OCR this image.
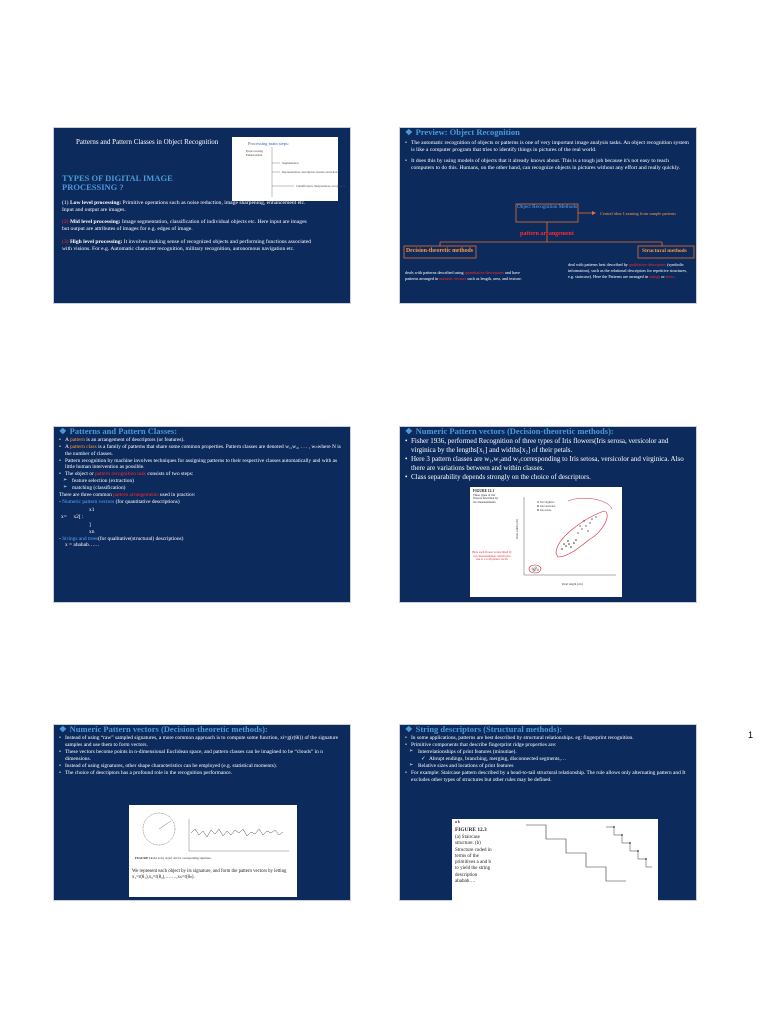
Patterns and Pattern Classes in Object Recognition	Processing main steps:
Preprocessing
Enhancement
Segmentation
Representation, description, feature extraction
Classification, interpretation, recognition
TYPES OF DIGITAL IMAGE PROCESSING ?

(1) Low level processing: Primitive operations such as noise reduction, image sharpening, enhancement etc. Input and output are images.

(2) Mid level processing: Image segmentation, classification of individual objects etc. Here input are images but output are attributes of images for e.g. edges of image.

(3) High level processing: It involves making sense of recognized objects and performing functions associated with visions. For e.g. Automatic character recognition, military recognition, autonomous navigation etc.

❖ Preview: Object Recognition

• The automatic recognition of objects or patterns is one of very important image analysis tasks. An object recognition system is like a computer program that tries to identify things in pictures of the real world.

• It does this by using models of objects that it already knows about. This is a tough job because it's not easy to teach computers to do this. Humans, on the other hand, can recognize objects in pictures without any effort and really quickly.

Object Recognition Methods
Central idea: Learning from sample patterns
pattern arrangement
Decision-theoretic methods	Structural methods
deals with patterns described using quantitative descriptors and have patterns arranged in numeric vectors such as length, area, and texture.
deal with patterns best described by qualitative descriptors (symbolic information), such as the relational descriptors for repetitive structures, e.g. staircase). Here the Patterns are arranged in strings or trees.
❖ Patterns and Pattern Classes:

• A pattern is an arrangement of descriptors (or features).

• A pattern class is a family of patterns that share some common properties. Pattern classes are denoted w₁,w₂, . . . , wₙwhere N is the number of classes.

• Pattern recognition by machine involves techniques for assigning patterns to their respective classes automatically and with as little human intervention as possible.

• The object or pattern recognition task consists of two steps:

➢ feature selection (extraction)

➢ matching (classification)

There are three common pattern arrangements used in practice:

- Numeric pattern vectors (for quantitative descriptions)

x1
x=  x2[ :
]
xn

- Strings and trees(for qualitative(structural) descriptions)

x = ababab……

❖ Numeric Pattern vectors (Decision-theoretic methods):

• Fisher 1936, performed Recognition of three types of Iris flowers(Iris serosa, versicolor and virginica by the lengths[x₁] and widths[x₂] of their petals.

• Here 3 pattern classes are w₁,w₂and w₃corresponding to Iris setosa, versicolor and virginica. Also there are variations between and within classes.

• Class separability depends strongly on the choice of descriptors.

FIGURE 12.1
Three types of iris flowers described by two measurements.
Here each flower is described by two measurements, which give rise to a 2-D pattern vector
Petal width (cm)
Petal length (cm)
Iris virginica
Iris versicolor
Iris setosa
❖ Numeric Pattern vectors (Decision-theoretic methods):

• Instead of using “raw” sampled signatures, a more common approach is to compute some function, xi=g(r(θi)) of the signature samples and use them to form vectors.

• These vectors become points in n-dimensional Euclidean space, and pattern classes can be imagined to be “clouds” in n dimensions.

• Instead of using signatures, other shape characteristics can be employed (e.g. statistical moments).

• The choice of descriptors has a profound role in the recognition performance.

FIGURE 12.2 A noisy object and its corresponding signature.
We represent each object by its signature, and form the pattern vectors by letting x₁=r(θ₁),x₂=r(θ₂),…….,xₙ=r(θₙ).
❖ String descriptors (Structural methods):

• In some applications, patterns are best described by structural relationships. eg: fingerprint recognition.

• Primitive components that describe fingerprint ridge properties are:

➢ Interrelationships of print features (minutiae).

✓ Abrupt endings, branching, merging, disconnected segments,…

➢ Relative sizes and locations of print features

• For example: Staircase pattern described by a head-to-tail structural relationship. The rule allows only alternating pattern and It excludes other types of structures but other rules may be defined.

a b
FIGURE 12.3
(a) Staircase structure. (b) Structure coded in terms of the primitives a and b to yield the string description ababab….
1
